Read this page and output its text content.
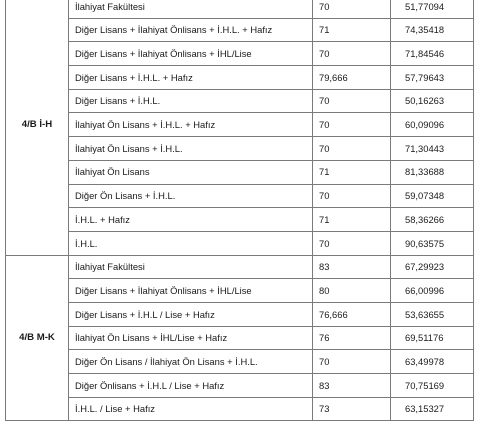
4/B İ-H	İlahiyat Fakültesi	70	51,77094
	Diğer Lisans + İlahiyat Önlisans + İ.H.L. + Hafız	71	74,35418
	Diğer Lisans + İlahiyat Önlisans + İHL/Lise	70	71,84546
	Diğer Lisans + İ.H.L. + Hafız	79,666	57,79643
	Diğer Lisans + İ.H.L.	70	50,16263
	İlahiyat Ön Lisans + İ.H.L. + Hafız	70	60,09096
	İlahiyat Ön Lisans + İ.H.L.	70	71,30443
	İlahiyat Ön Lisans	71	81,33688
	Diğer Ön Lisans + İ.H.L.	70	59,07348
	İ.H.L. + Hafız	71	58,36266
	İ.H.L.	70	90,63575
4/B M-K	İlahiyat Fakültesi	83	67,29923
	Diğer Lisans + İlahiyat Önlisans + İHL/Lise	80	66,00996
	Diğer Lisans + İ.H.L / Lise + Hafız	76,666	53,63655
	İlahiyat Ön Lisans + İHL/Lise + Hafız	76	69,51176
	Diğer Ön Lisans / İlahiyat Ön Lisans + İ.H.L.	70	63,49978
	Diğer Önlisans + İ.H.L / Lise + Hafız	83	70,75169
	İ.H.L. / Lise + Hafız	73	63,15327
